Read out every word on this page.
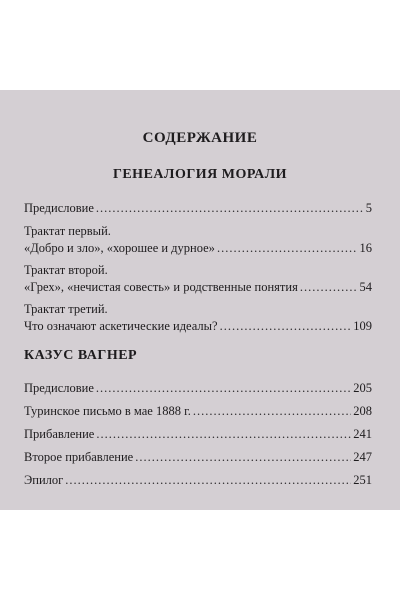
СОДЕРЖАНИЕ
ГЕНЕАЛОГИЯ МОРАЛИ
Предисловие .....	5
Трактат первый.
«Добро и зло», «хорошее и дурное» .....	16
Трактат второй.
«Грех», «нечистая совесть» и родственные понятия .....	54
Трактат третий.
Что означают аскетические идеалы? .....	109
КАЗУС ВАГНЕР
Предисловие .....	205
Туринское письмо в мае 1888 г. .....	208
Прибавление .....	241
Второе прибавление .....	247
Эпилог .....	251
